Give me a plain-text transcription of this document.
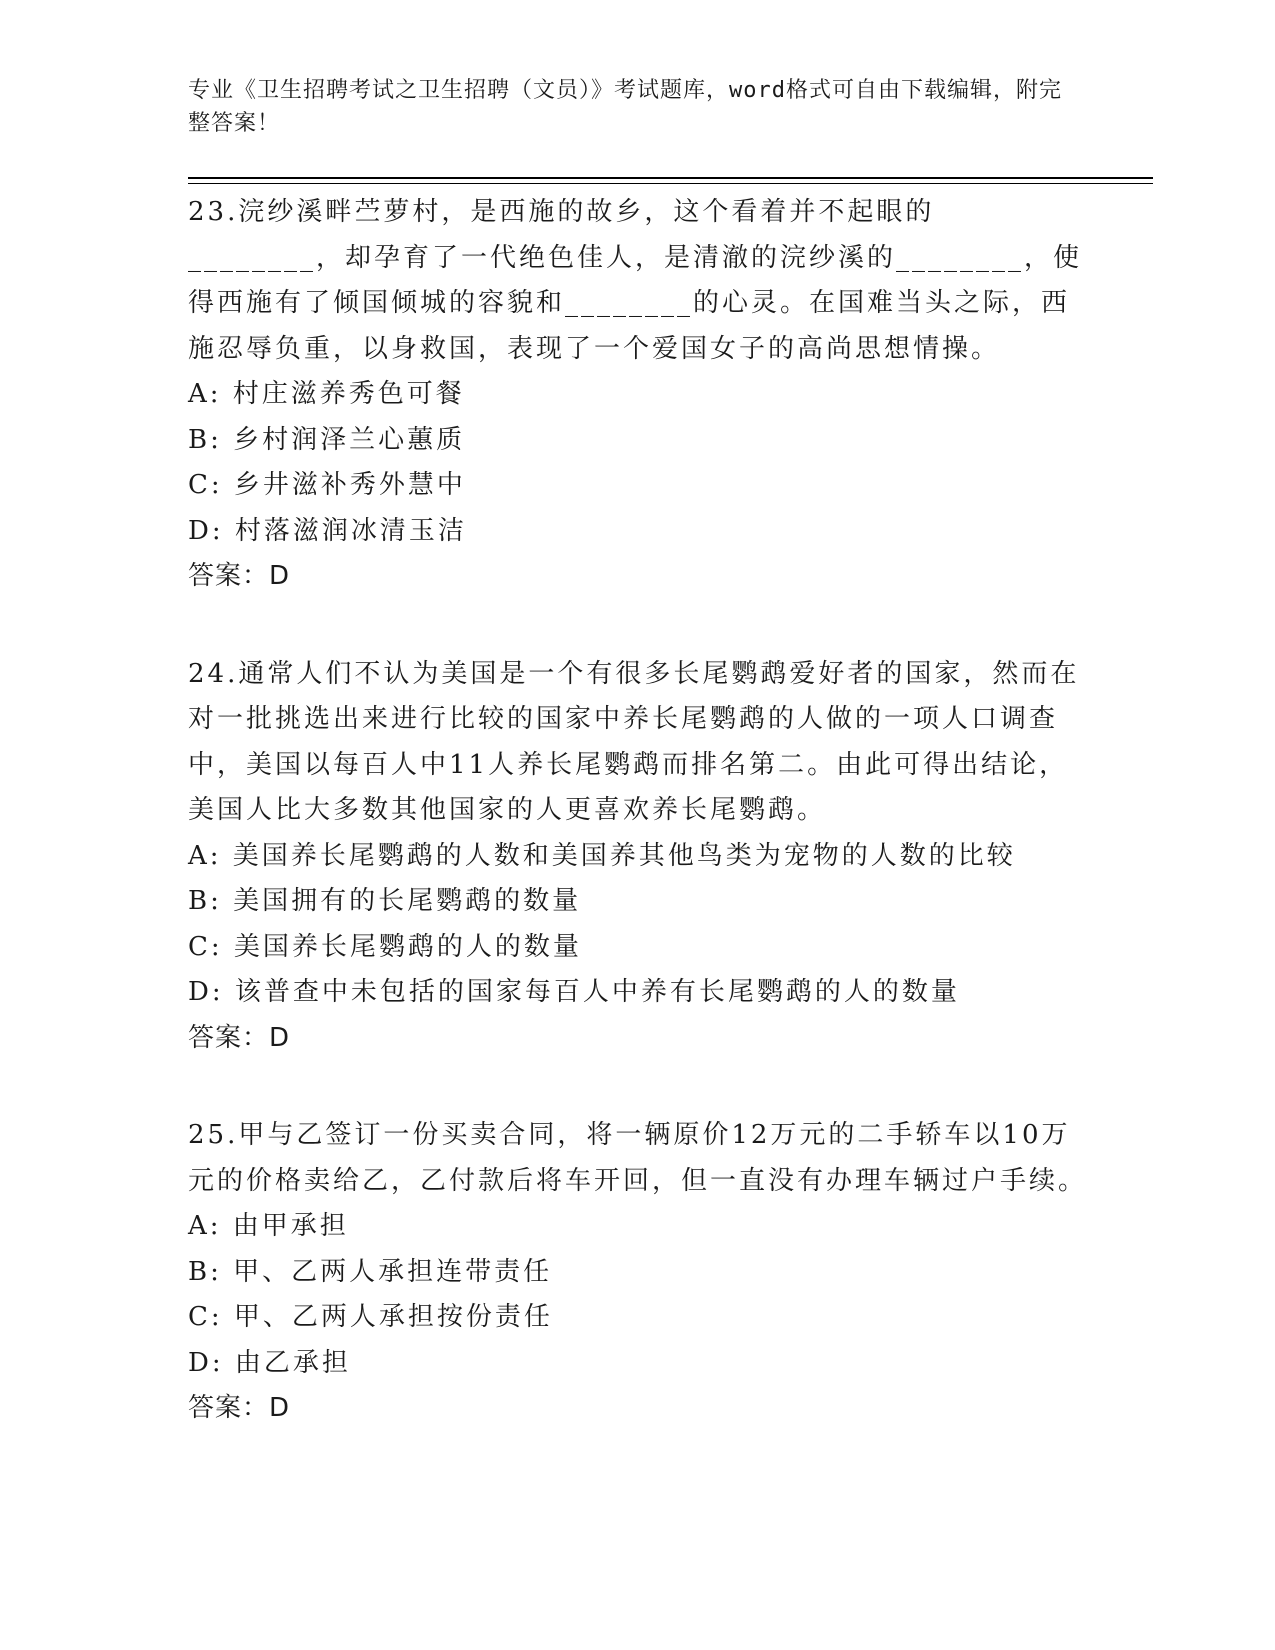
专业《卫生招聘考试之卫生招聘（文员）》考试题库，word格式可自由下载编辑，附完整答案！

23.浣纱溪畔苎萝村，是西施的故乡，这个看着并不起眼的________，却孕育了一代绝色佳人，是清澈的浣纱溪的________，使得西施有了倾国倾城的容貌和________的心灵。在国难当头之际，西施忍辱负重，以身救国，表现了一个爱国女子的高尚思想情操。

A: 村庄滋养秀色可餐
B: 乡村润泽兰心蕙质
C: 乡井滋补秀外慧中
D: 村落滋润冰清玉洁
答案：D

24.通常人们不认为美国是一个有很多长尾鹦鹉爱好者的国家，然而在对一批挑选出来进行比较的国家中养长尾鹦鹉的人做的一项人口调查中，美国以每百人中11人养长尾鹦鹉而排名第二。由此可得出结论，美国人比大多数其他国家的人更喜欢养长尾鹦鹉。

A: 美国养长尾鹦鹉的人数和美国养其他鸟类为宠物的人数的比较
B: 美国拥有的长尾鹦鹉的数量
C: 美国养长尾鹦鹉的人的数量
D: 该普查中未包括的国家每百人中养有长尾鹦鹉的人的数量
答案：D

25.甲与乙签订一份买卖合同，将一辆原价12万元的二手轿车以10万元的价格卖给乙，乙付款后将车开回，但一直没有办理车辆过户手续。

A: 由甲承担
B: 甲、乙两人承担连带责任
C: 甲、乙两人承担按份责任
D: 由乙承担
答案：D
